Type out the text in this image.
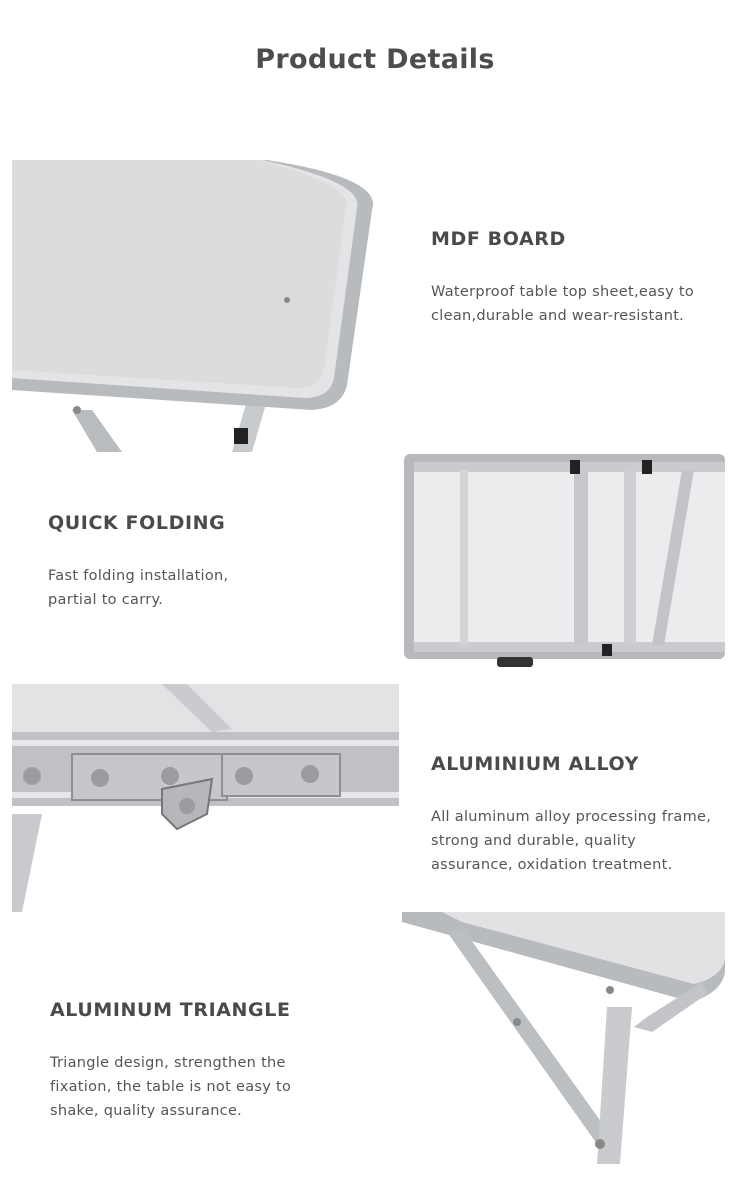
Product Details
MDF BOARD
Waterproof table top sheet,easy to clean,durable and wear-resistant.
QUICK FOLDING
Fast folding installation, partial to carry.
ALUMINIUM ALLOY
All aluminum alloy processing frame, strong and durable, quality assurance, oxidation treatment.
ALUMINUM TRIANGLE
Triangle design, strengthen the fixation, the table is not easy to shake, quality assurance.
